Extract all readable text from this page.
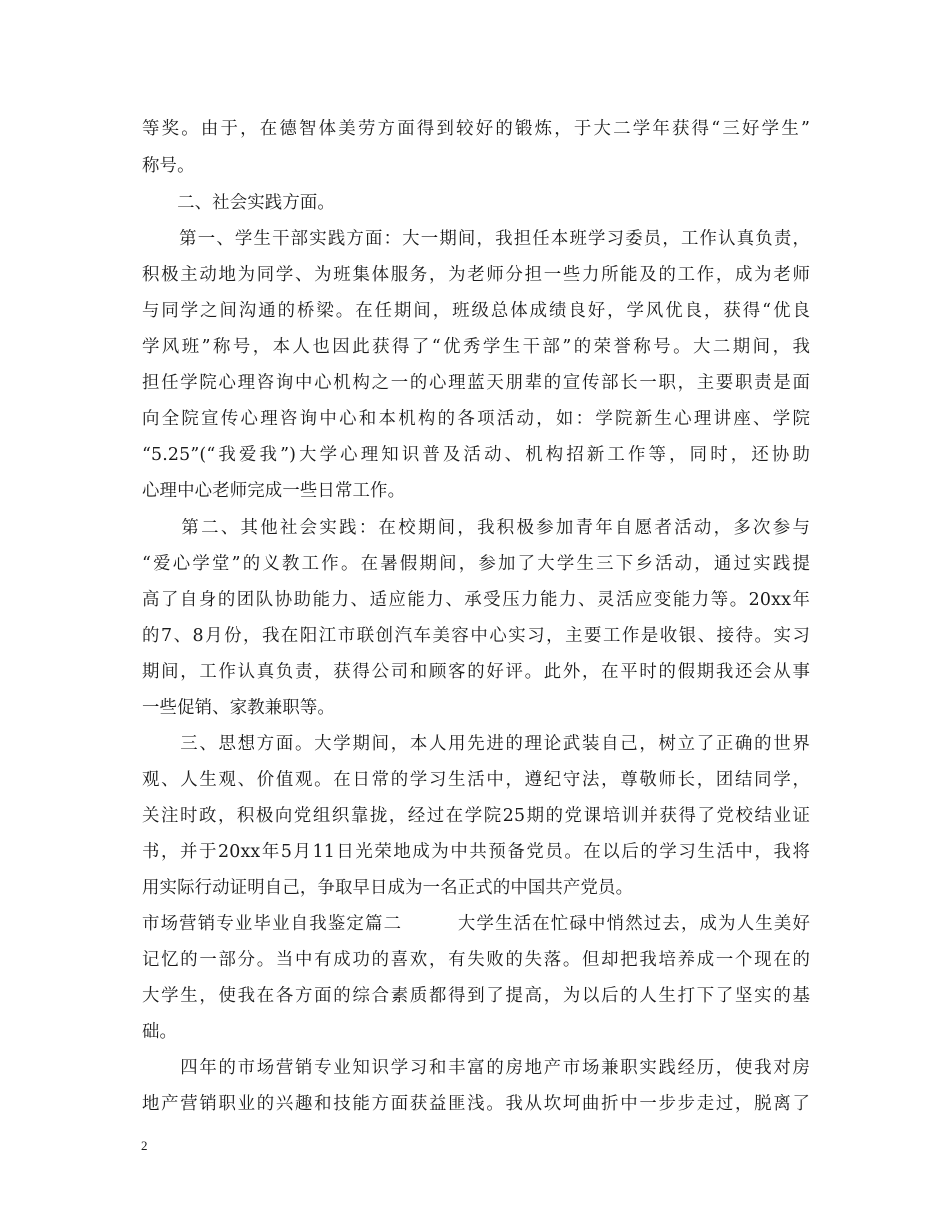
等奖。由于，在德智体美劳方面得到较好的锻炼，于大二学年获得“三好学生”
称号。
　　二、社会实践方面。
　　第一、学生干部实践方面：大一期间，我担任本班学习委员，工作认真负责，
积极主动地为同学、为班集体服务，为老师分担一些力所能及的工作，成为老师
与同学之间沟通的桥梁。在任期间，班级总体成绩良好，学风优良，获得“优良
学风班”称号，本人也因此获得了“优秀学生干部”的荣誉称号。大二期间，我
担任学院心理咨询中心机构之一的心理蓝天朋辈的宣传部长一职，主要职责是面
向全院宣传心理咨询中心和本机构的各项活动，如：学院新生心理讲座、学院
“5.25”(“我爱我”)大学心理知识普及活动、机构招新工作等，同时，还协助
心理中心老师完成一些日常工作。
　　第二、其他社会实践：在校期间，我积极参加青年自愿者活动，多次参与
“爱心学堂”的义教工作。在暑假期间，参加了大学生三下乡活动，通过实践提
高了自身的团队协助能力、适应能力、承受压力能力、灵活应变能力等。20xx年
的7、8月份，我在阳江市联创汽车美容中心实习，主要工作是收银、接待。实习
期间，工作认真负责，获得公司和顾客的好评。此外，在平时的假期我还会从事
一些促销、家教兼职等。
　　三、思想方面。大学期间，本人用先进的理论武装自己，树立了正确的世界
观、人生观、价值观。在日常的学习生活中，遵纪守法，尊敬师长，团结同学，
关注时政，积极向党组织靠拢，经过在学院25期的党课培训并获得了党校结业证
书，并于20xx年5月11日光荣地成为中共预备党员。在以后的学习生活中，我将
用实际行动证明自己，争取早日成为一名正式的中国共产党员。
市场营销专业毕业自我鉴定篇二　　　大学生活在忙碌中悄然过去，成为人生美好
记忆的一部分。当中有成功的喜欢，有失败的失落。但却把我培养成一个现在的
大学生，使我在各方面的综合素质都得到了提高，为以后的人生打下了坚实的基
础。
　　四年的市场营销专业知识学习和丰富的房地产市场兼职实践经历，使我对房
地产营销职业的兴趣和技能方面获益匪浅。我从坎坷曲折中一步步走过，脱离了
2
